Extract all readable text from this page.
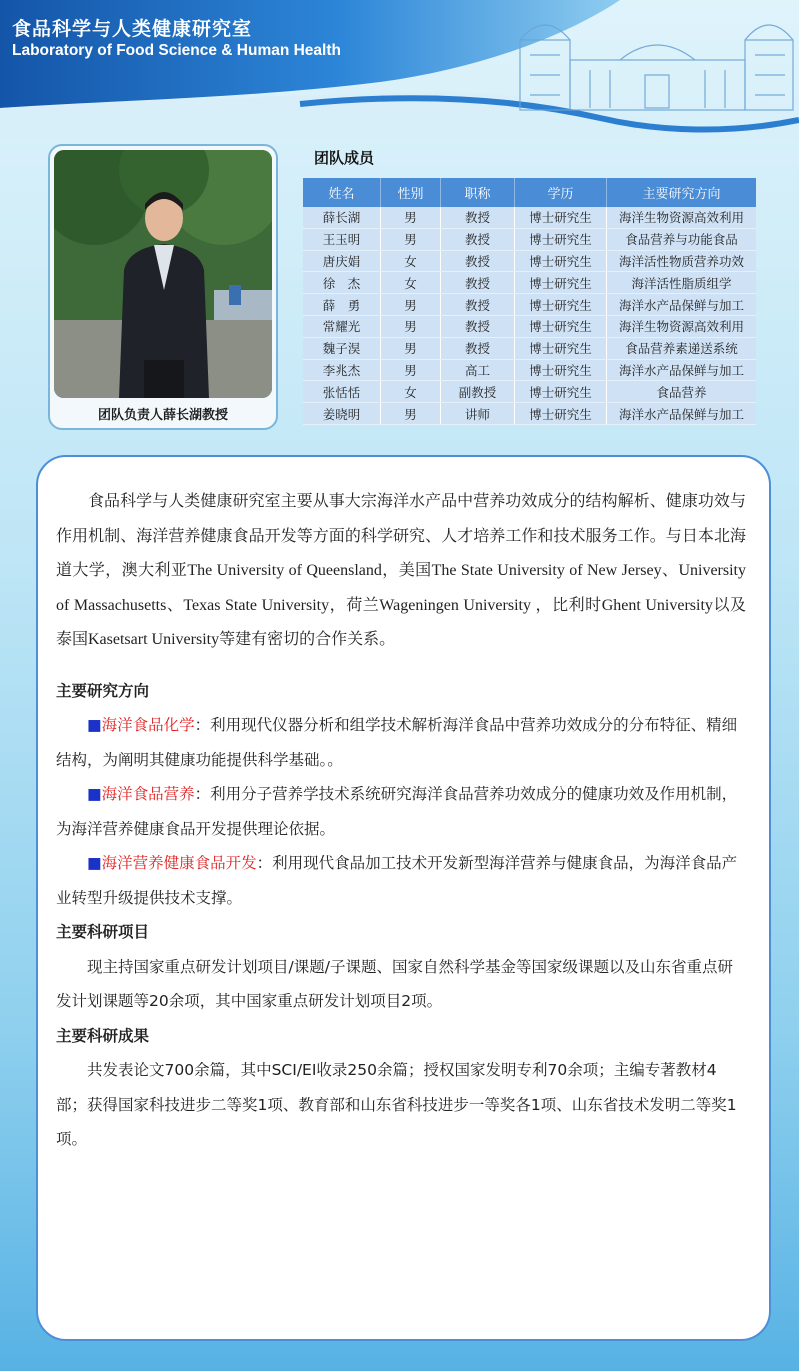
食品科学与人类健康研究室
Laboratory of Food Science & Human Health
团队负责人薛长湖教授
团队成员
姓名	性别	职称	学历	主要研究方向
薛长湖	男	教授	博士研究生	海洋生物资源高效利用
王玉明	男	教授	博士研究生	食品营养与功能食品
唐庆娟	女	教授	博士研究生	海洋活性物质营养功效
徐　杰	女	教授	博士研究生	海洋活性脂质组学
薛　勇	男	教授	博士研究生	海洋水产品保鲜与加工
常耀光	男	教授	博士研究生	海洋生物资源高效利用
魏子淏	男	教授	博士研究生	食品营养素递送系统
李兆杰	男	高工	博士研究生	海洋水产品保鲜与加工
张恬恬	女	副教授	博士研究生	食品营养
姜晓明	男	讲师	博士研究生	海洋水产品保鲜与加工

食品科学与人类健康研究室主要从事大宗海洋水产品中营养功效成分的结构解析、健康功效与作用机制、海洋营养健康食品开发等方面的科学研究、人才培养工作和技术服务工作。与日本北海道大学，澳大利亚The University of Queensland，美国The State University of New Jersey、University of Massachusetts、Texas State University，荷兰Wageningen University ，比利时Ghent University以及泰国Kasetsart University等建有密切的合作关系。

主要研究方向

■海洋食品化学：利用现代仪器分析和组学技术解析海洋食品中营养功效成分的分布特征、精细结构，为阐明其健康功能提供科学基础。。

■海洋食品营养：利用分子营养学技术系统研究海洋食品营养功效成分的健康功效及作用机制，为海洋营养健康食品开发提供理论依据。

■海洋营养健康食品开发：利用现代食品加工技术开发新型海洋营养与健康食品，为海洋食品产业转型升级提供技术支撑。

主要科研项目

现主持国家重点研发计划项目/课题/子课题、国家自然科学基金等国家级课题以及山东省重点研发计划课题等20余项，其中国家重点研发计划项目2项。

主要科研成果

共发表论文700余篇，其中SCI/EI收录250余篇；授权国家发明专利70余项；主编专著教材4部；获得国家科技进步二等奖1项、教育部和山东省科技进步一等奖各1项、山东省技术发明二等奖1项。
